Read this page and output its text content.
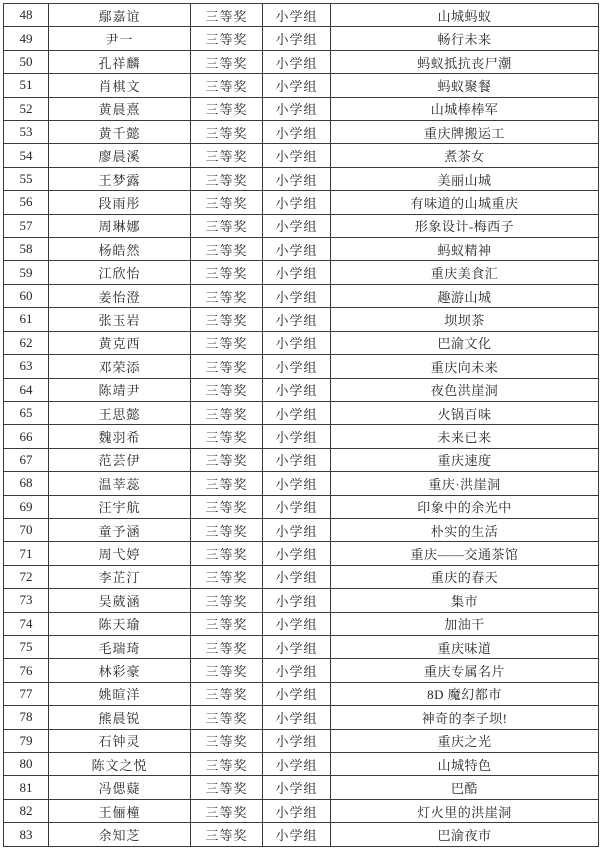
48	鄢嘉谊	三等奖	小学组	山城蚂蚁
49	尹一	三等奖	小学组	畅行未来
50	孔祥麟	三等奖	小学组	蚂蚁抵抗丧尸潮
51	肖棋文	三等奖	小学组	蚂蚁聚餐
52	黄晨熹	三等奖	小学组	山城棒棒军
53	黄千懿	三等奖	小学组	重庆牌搬运工
54	廖晨溪	三等奖	小学组	煮茶女
55	王梦露	三等奖	小学组	美丽山城
56	段雨彤	三等奖	小学组	有味道的山城重庆
57	周琳娜	三等奖	小学组	形象设计-梅西子
58	杨皓然	三等奖	小学组	蚂蚁精神
59	江欣怡	三等奖	小学组	重庆美食汇
60	姜怡澄	三等奖	小学组	趣游山城
61	张玉岩	三等奖	小学组	坝坝茶
62	黄克西	三等奖	小学组	巴渝文化
63	邓荣添	三等奖	小学组	重庆向未来
64	陈靖尹	三等奖	小学组	夜色洪崖洞
65	王思懿	三等奖	小学组	火锅百味
66	魏羽希	三等奖	小学组	未来已来
67	范芸伊	三等奖	小学组	重庆速度
68	温莘蕊	三等奖	小学组	重庆·洪崖洞
69	汪宇航	三等奖	小学组	印象中的余光中
70	童予涵	三等奖	小学组	朴实的生活
71	周弋婷	三等奖	小学组	重庆——交通茶馆
72	李芷汀	三等奖	小学组	重庆的春天
73	吴葳涵	三等奖	小学组	集市
74	陈天瑜	三等奖	小学组	加油干
75	毛瑞琦	三等奖	小学组	重庆味道
76	林彩豪	三等奖	小学组	重庆专属名片
77	姚暄洋	三等奖	小学组	8D 魔幻都市
78	熊晨锐	三等奖	小学组	神奇的李子坝!
79	石钟灵	三等奖	小学组	重庆之光
80	陈文之悦	三等奖	小学组	山城特色
81	冯偲薿	三等奖	小学组	巴酷
82	王俪橦	三等奖	小学组	灯火里的洪崖洞
83	余知芝	三等奖	小学组	巴渝夜市
